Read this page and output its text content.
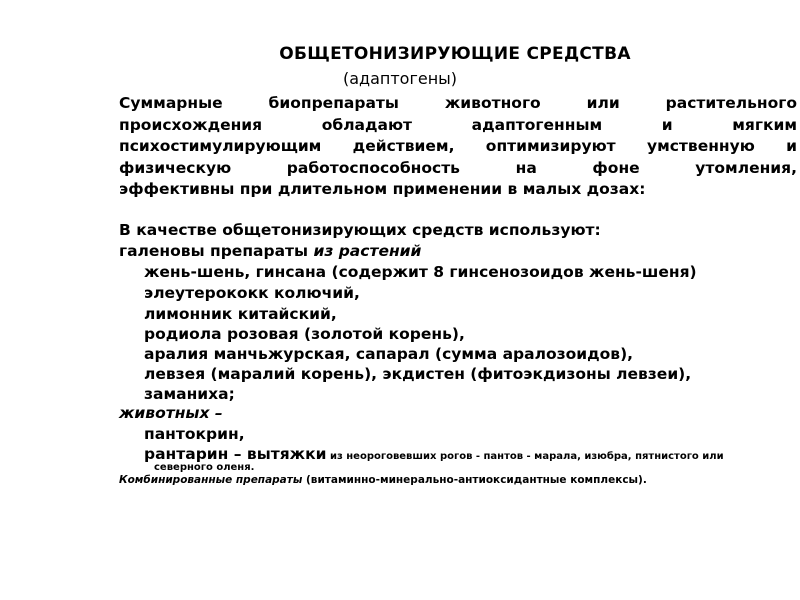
ОБЩЕТОНИЗИРУЮЩИЕ СРЕДСТВА
(адаптогены)
Суммарные биопрепараты животного или растительного
происхождения обладают адаптогенным и мягким
психостимулирующим действием, оптимизируют умственную и
физическую работоспособность на фоне утомления,
эффективны при длительном применении в малых дозах:
В качестве общетонизирующих средств используют:
галеновы препараты из растений
жень-шень, гинсана (содержит 8 гинсенозоидов жень-шеня)
элеутерококк колючий,
лимонник китайский,
родиола розовая (золотой корень),
аралия манчьжурская, сапарал (сумма аралозоидов),
левзея (маралий корень), экдистен (фитоэкдизоны левзеи),
заманиха;
животных –
пантокрин,
рантарин – вытяжки из неороговевших рогов - пантов - марала, изюбра, пятнистого или
северного оленя.
Комбинированные препараты (витаминно-минерально-антиоксидантные комплексы).
